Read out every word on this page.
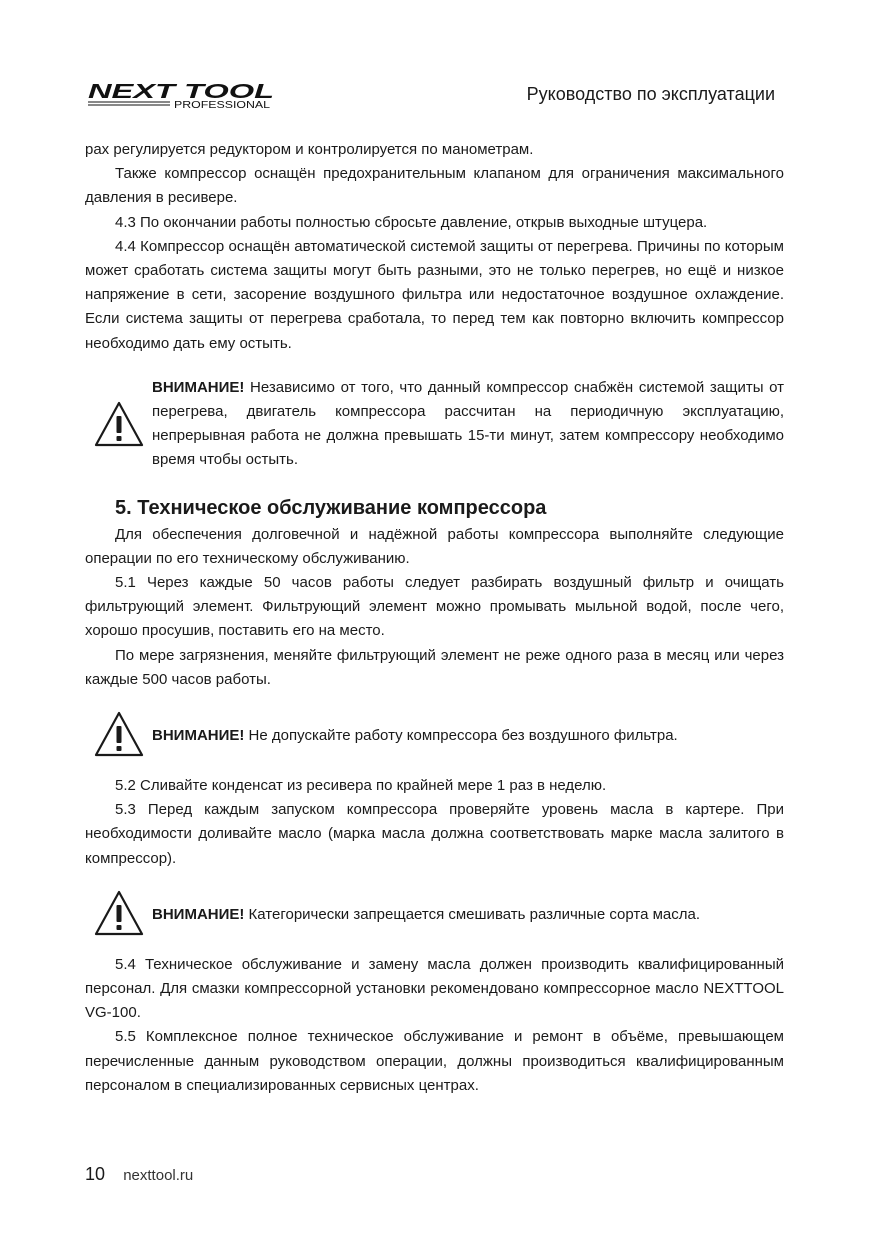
NEXT TOOL
PROFESSIONAL
Руководство по эксплуатации

рах регулируется редуктором и контролируется по манометрам.

Также компрессор оснащён предохранительным клапаном для ограничения максимального давления в ресивере.

4.3 По окончании работы полностью сбросьте давление, открыв выходные штуцера.

4.4 Компрессор оснащён автоматической системой защиты от перегрева. Причины по которым может сработать система защиты могут быть разными, это не только перегрев, но ещё и низкое напряжение в сети, засорение воздушного фильтра или недостаточное воздушное охлаждение. Если система защиты от перегрева сработала, то перед тем как повторно включить компрессор необходимо дать ему остыть.

ВНИМАНИЕ! Независимо от того, что данный компрессор снабжён системой защиты от перегрева, двигатель компрессора рассчитан на периодичную эксплуатацию, непрерывная работа не должна превышать 15-ти минут, затем компрессору необходимо время чтобы остыть.

5. Техническое обслуживание компрессора

Для обеспечения долговечной и надёжной работы компрессора выполняйте следующие операции по его техническому обслуживанию.

5.1 Через каждые 50 часов работы следует разбирать воздушный фильтр и очищать фильтрующий элемент. Фильтрующий элемент можно промывать мыльной водой, после чего, хорошо просушив, поставить его на место.

По мере загрязнения, меняйте фильтрующий элемент не реже одного раза в месяц или через каждые 500 часов работы.

ВНИМАНИЕ! Не допускайте работу компрессора без воздушного фильтра.

5.2 Сливайте конденсат из ресивера по крайней мере 1 раз в неделю.

5.3 Перед каждым запуском компрессора проверяйте уровень масла в картере. При необходимости доливайте масло (марка масла должна соответствовать марке масла залитого в компрессор).

ВНИМАНИЕ! Категорически запрещается смешивать различные сорта масла.

5.4 Техническое обслуживание и замену масла должен производить квалифицированный персонал. Для смазки компрессорной установки рекомендовано компрессорное масло NEXTTOOL VG-100.

5.5 Комплексное полное техническое обслуживание и ремонт в объёме, превышающем перечисленные данным руководством операции, должны производиться квалифицированным персоналом в специализированных сервисных центрах.

10 nexttool.ru
